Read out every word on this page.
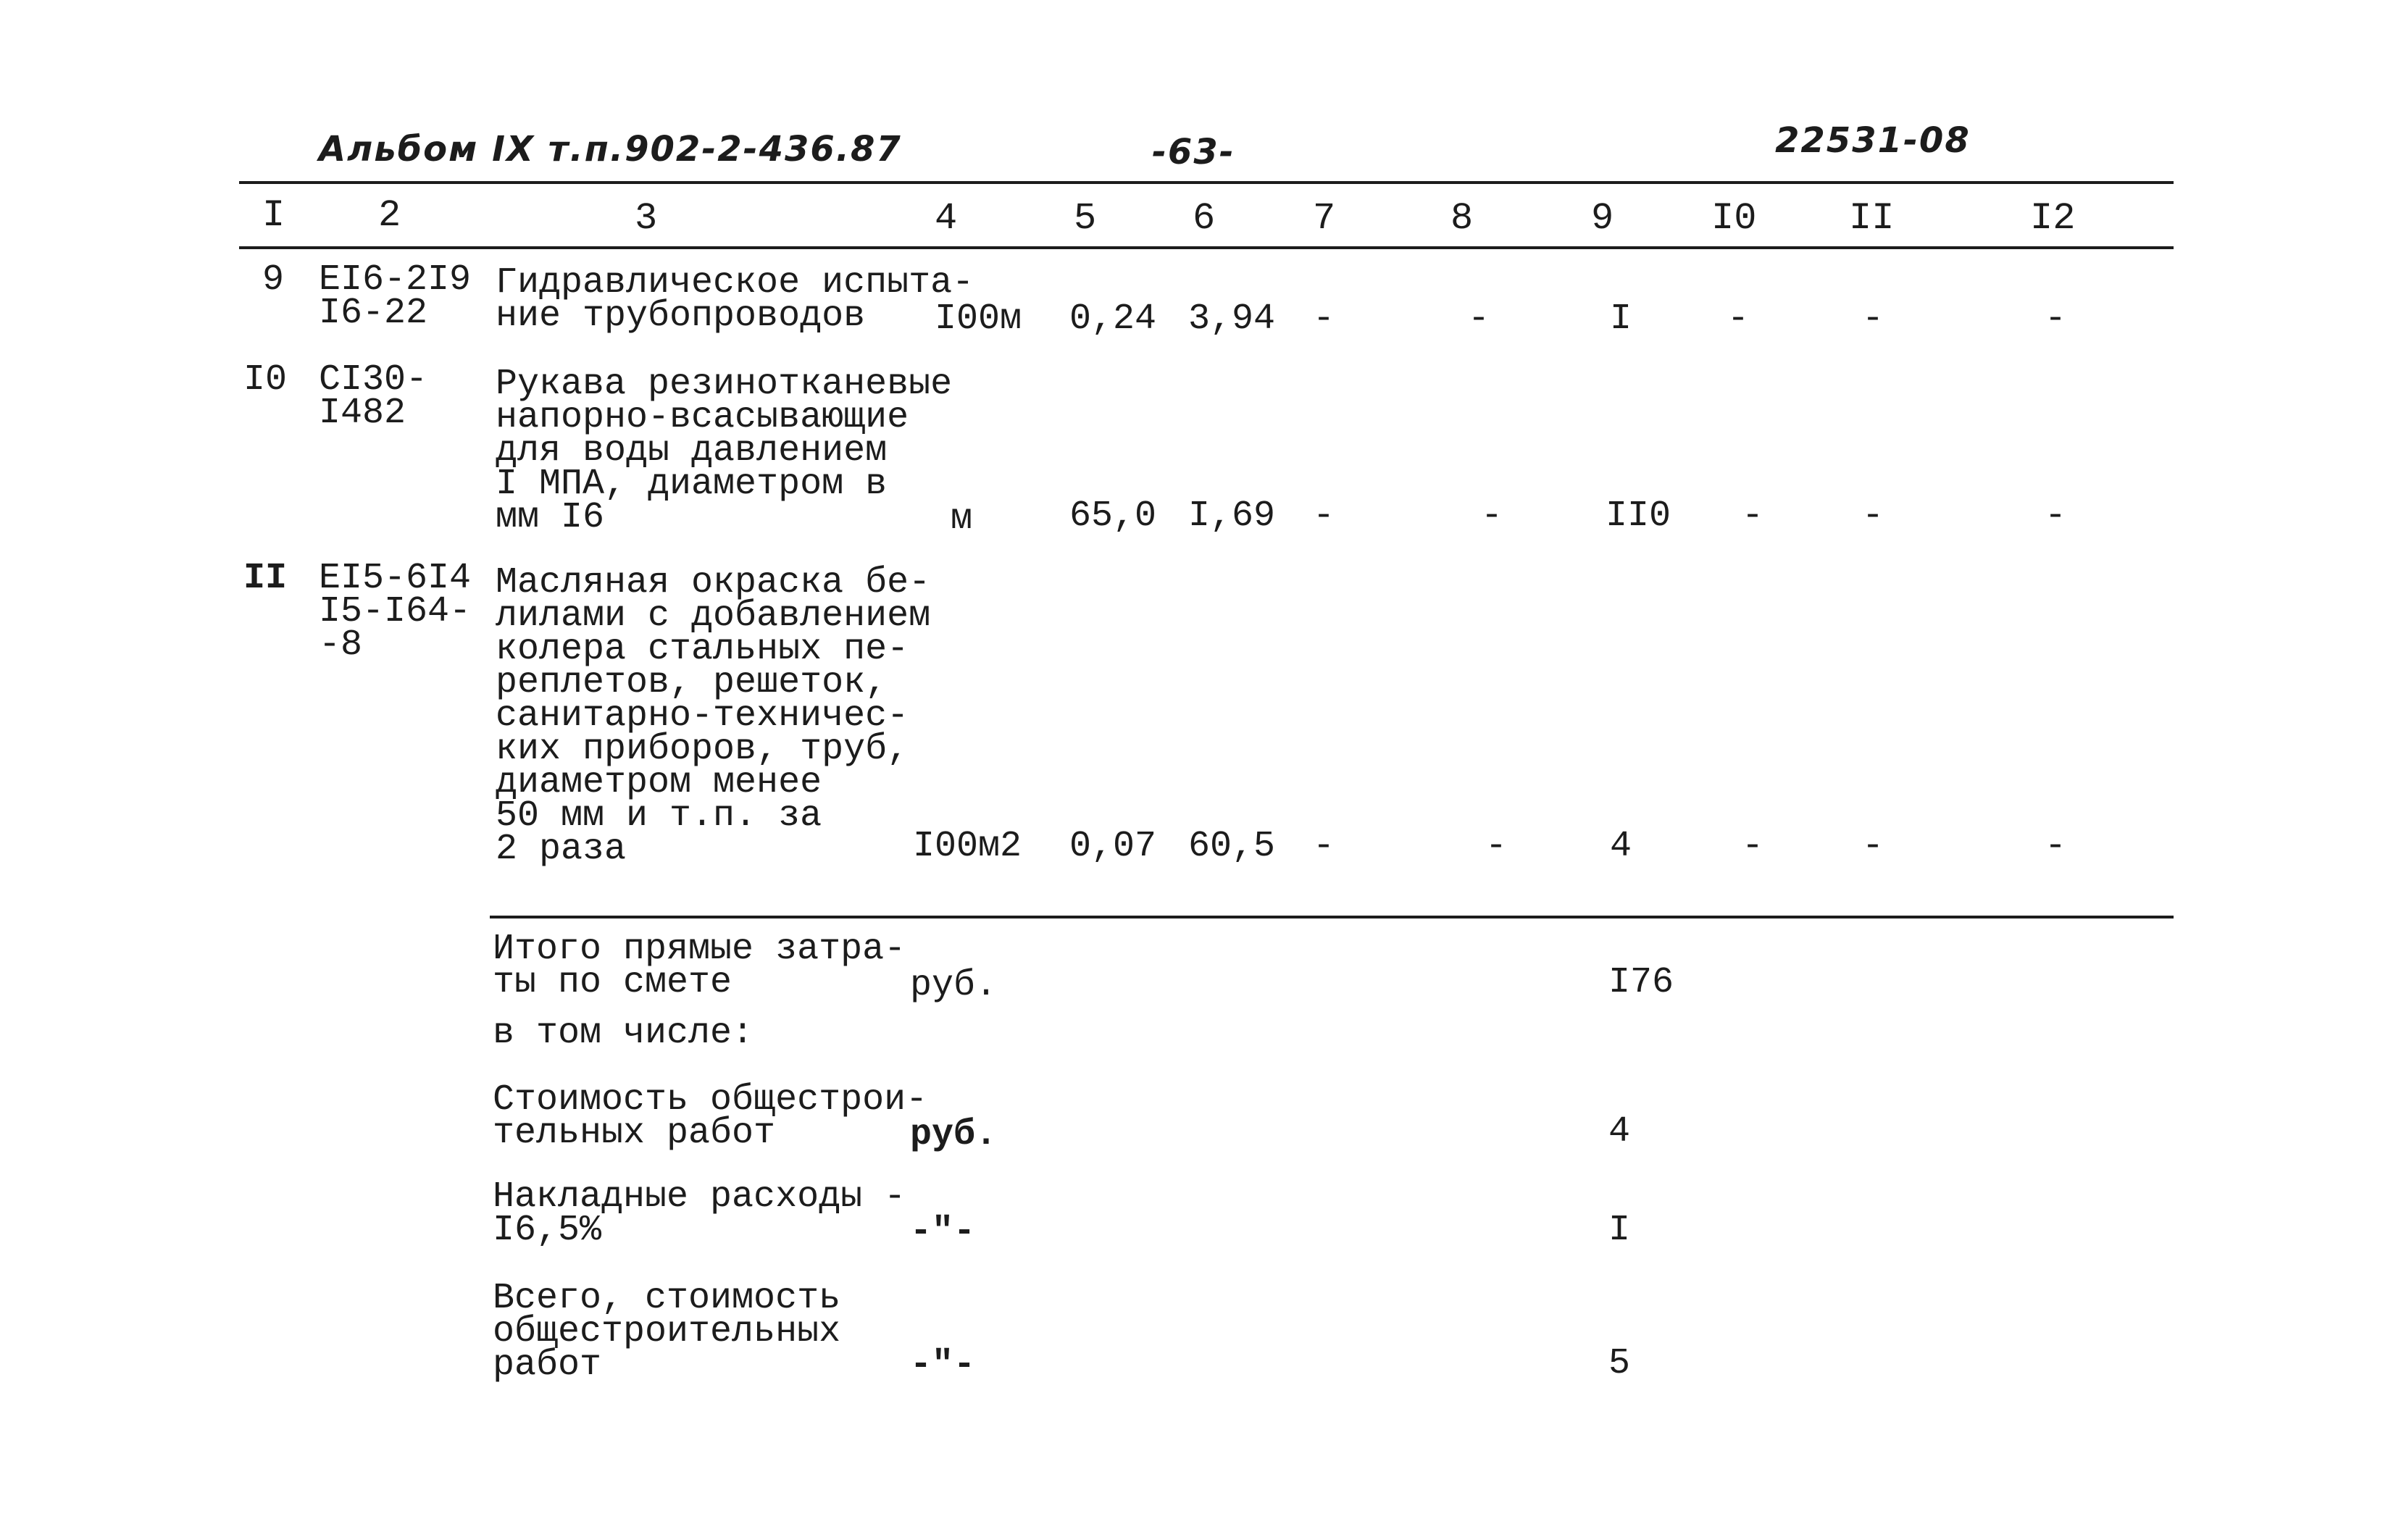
Альбом IX т.п.902-2-436.87	-63-	22531-08
I 2	3	4	5	6	7	8	9	I0 II	I2
9 EI6-2I9
I6-22
Гидравлическое испыта-
ние трубопроводов	I00м 0,24 3,94 -	-	I	-	-	-
I0 CI30-
I482
Рукава резинотканевые
напорно-всасывающие
для воды давлением
I МПА, диаметром в
мм I6	м	65,0 I,69 -	-	II0 -	-	-
II EI5-6I4
I5-I64-
-8
Масляная окраска бе-
лилами с добавлением
колера стальных пе-
реплетов, решеток,
санитарно-техничес-
ких приборов, труб,
диаметром менее
50 мм и т.п. за
2 раза	I00м2 0,07 60,5 -	-	4	-	-	-
Итого прямые затра-
ты по смете	руб.	I76
в том числе:
Стоимость общестрои-
тельных работ	руб.	4
Накладные расходы -
I6,5%	-"-	I
Всего, стоимость
общестроительных
работ	-"-	5
